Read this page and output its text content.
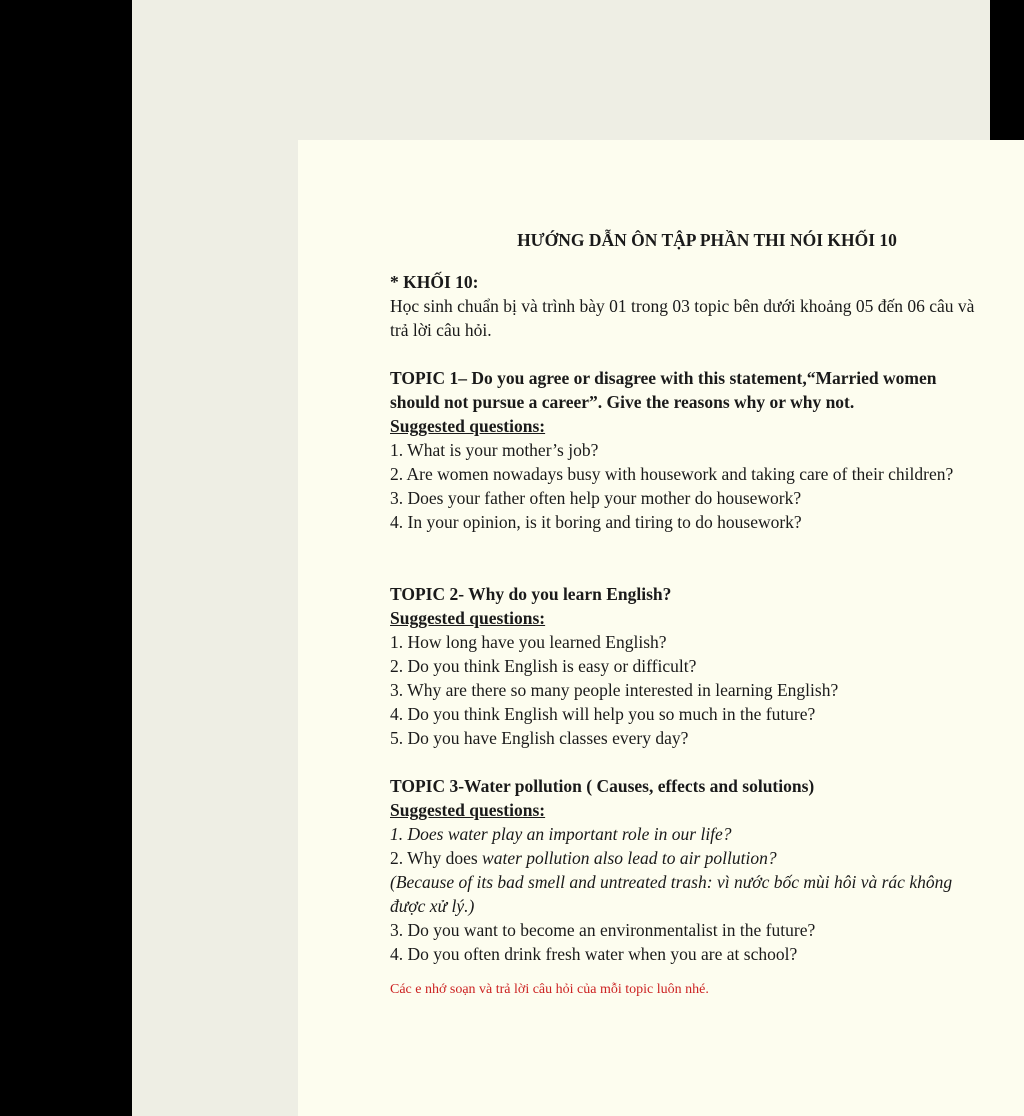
HƯỚNG DẪN ÔN TẬP PHẦN THI NÓI KHỐI 10

* KHỐI 10:

Học sinh chuẩn bị và trình bày 01 trong 03 topic bên dưới khoảng 05 đến 06 câu và trả lời câu hỏi.

TOPIC 1– Do you agree or disagree with this statement,“Married women should not pursue a career”. Give the reasons why or why not.

Suggested questions:

1. What is your mother’s job?
2. Are women nowadays busy with housework and taking care of their children?
3. Does your father often help your mother do housework?
4. In your opinion, is it boring and tiring to do housework?

TOPIC 2- Why do you learn English?

Suggested questions:

1. How long have you learned English?
2. Do you think English is easy or difficult?
3. Why are there so many people interested in learning English?
4. Do you think English will help you so much in the future?
5. Do you have English classes every day?

TOPIC 3-Water pollution ( Causes, effects and solutions)

Suggested questions:

1. Does water play an important role in our life?
2. Why does water pollution also lead to air pollution?
(Because of its bad smell and untreated trash: vì nước bốc mùi hôi và rác không được xử lý.)
3. Do you want to become an environmentalist in the future?
4. Do you often drink fresh water when you are at school?

Các e nhớ soạn và trả lời câu hỏi của mỗi topic luôn nhé.
